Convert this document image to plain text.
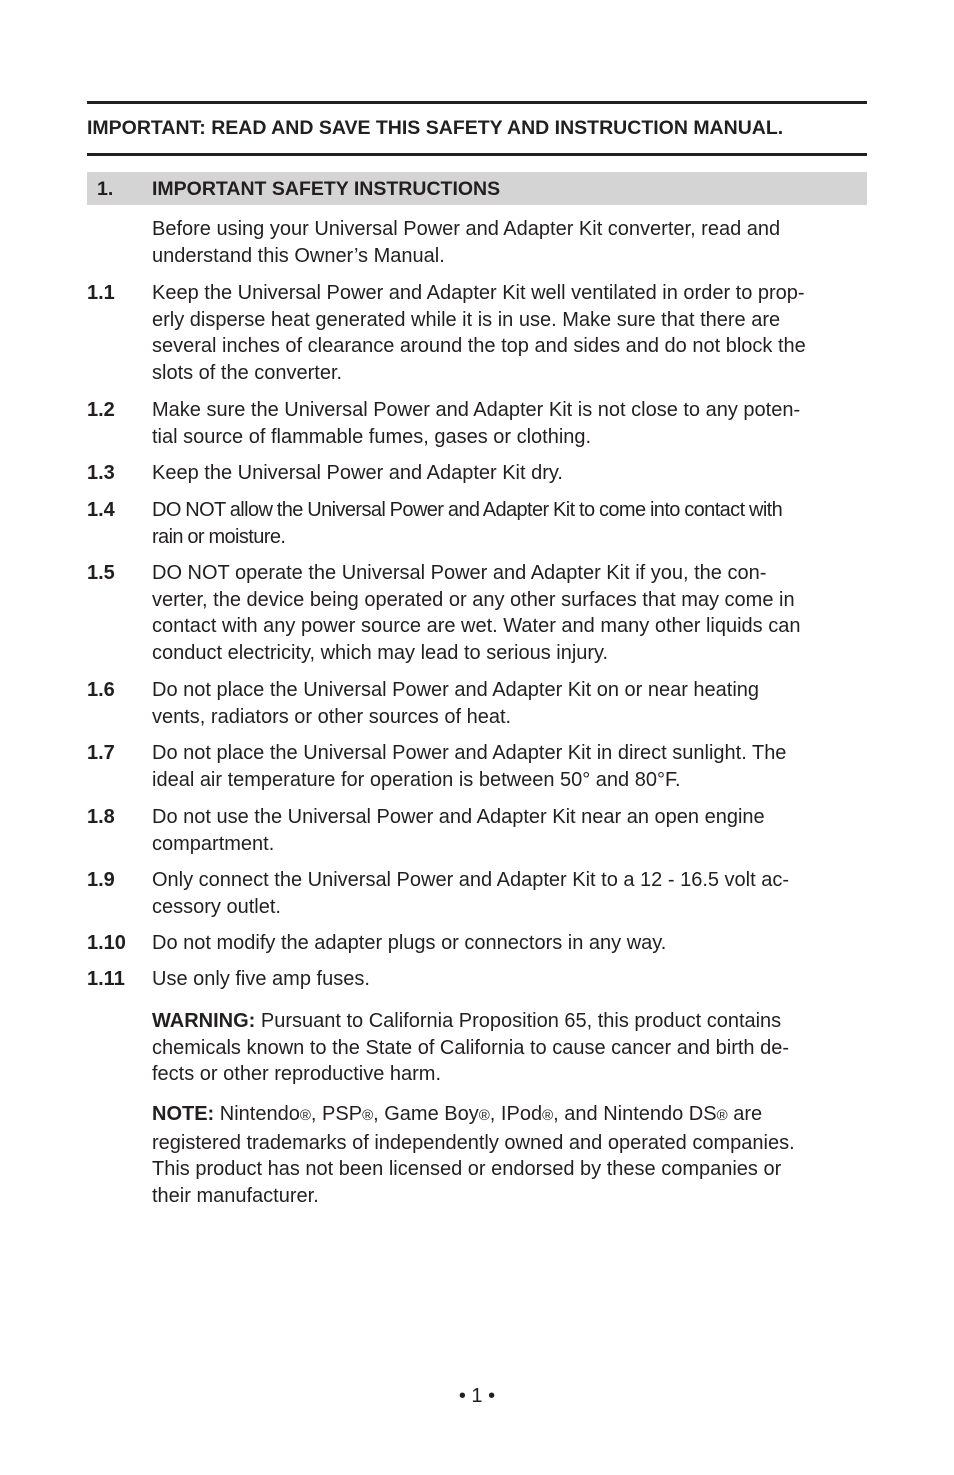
IMPORTANT: READ AND SAVE THIS SAFETY AND INSTRUCTION MANUAL.
1. IMPORTANT SAFETY INSTRUCTIONS
Before using your Universal Power and Adapter Kit converter, read and
understand this Owner’s Manual.
1.1 Keep the Universal Power and Adapter Kit well ventilated in order to prop-
erly disperse heat generated while it is in use. Make sure that there are
several inches of clearance around the top and sides and do not block the
slots of the converter.
1.2 Make sure the Universal Power and Adapter Kit is not close to any poten-
tial source of flammable fumes, gases or clothing.
1.3 Keep the Universal Power and Adapter Kit dry.
1.4 DO NOT allow the Universal Power and Adapter Kit to come into contact with
rain or moisture.
1.5 DO NOT operate the Universal Power and Adapter Kit if you, the con-
verter, the device being operated or any other surfaces that may come in
contact with any power source are wet. Water and many other liquids can
conduct electricity, which may lead to serious injury.
1.6 Do not place the Universal Power and Adapter Kit on or near heating
vents, radiators or other sources of heat.
1.7 Do not place the Universal Power and Adapter Kit in direct sunlight. The
ideal air temperature for operation is between 50° and 80°F.
1.8 Do not use the Universal Power and Adapter Kit near an open engine
compartment.
1.9 Only connect the Universal Power and Adapter Kit to a 12 - 16.5 volt ac-
cessory outlet.
1.10 Do not modify the adapter plugs or connectors in any way.
1.11 Use only five amp fuses.
WARNING: Pursuant to California Proposition 65, this product contains
chemicals known to the State of California to cause cancer and birth de-
fects or other reproductive harm.
NOTE: Nintendo®, PSP®, Game Boy®, IPod®, and Nintendo DS® are
registered trademarks of independently owned and operated companies.
This product has not been licensed or endorsed by these companies or
their manufacturer.
• 1 •
